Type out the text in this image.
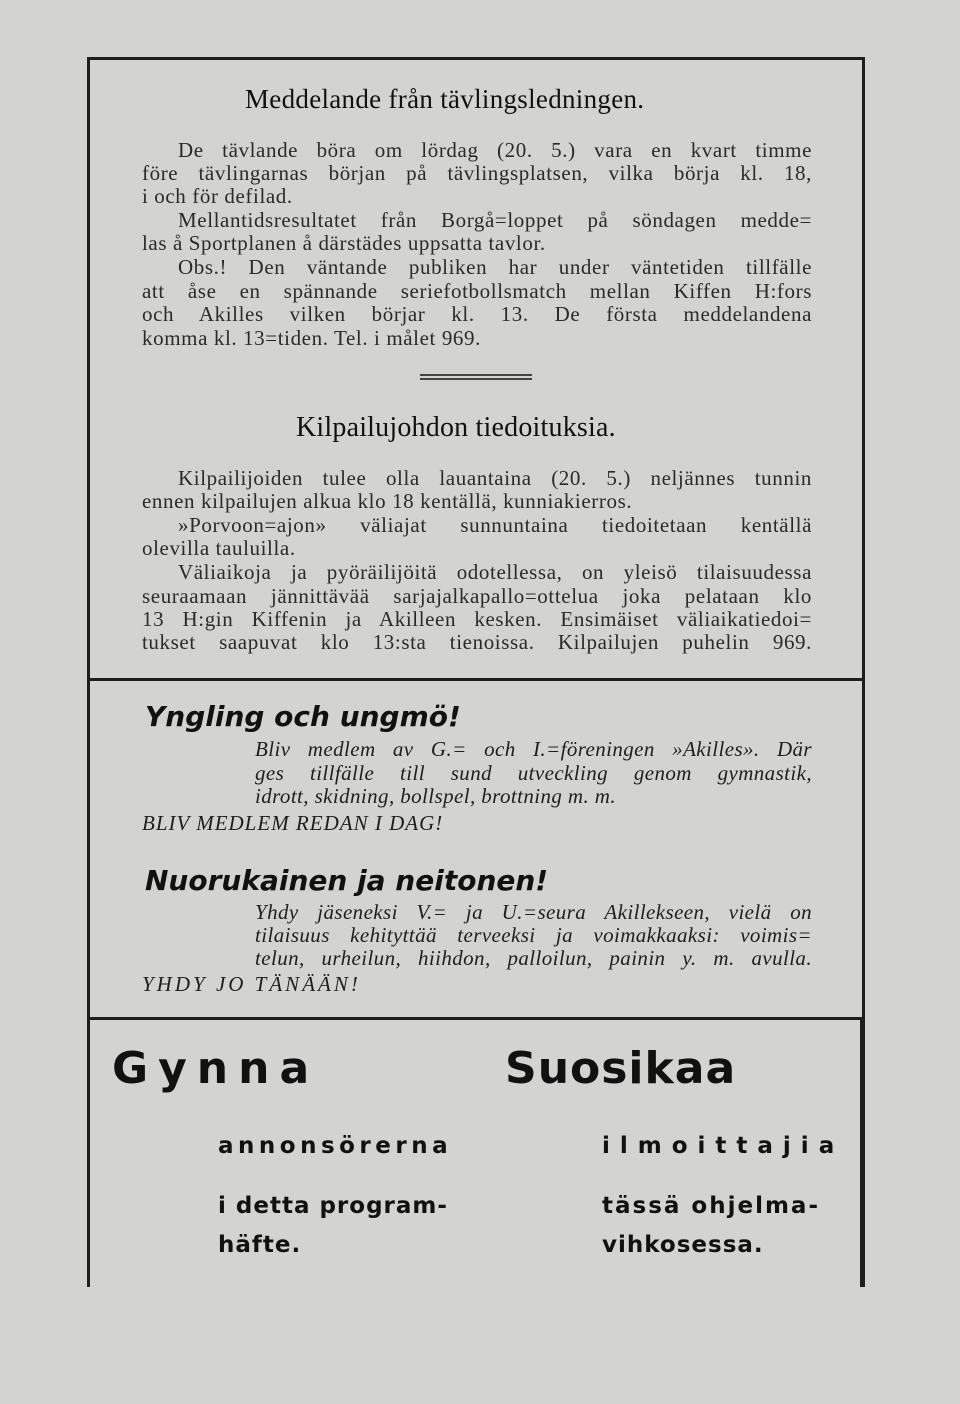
Meddelande från tävlingsledningen.
De tävlande böra om lördag (20. 5.) vara en kvart timme
före tävlingarnas början på tävlingsplatsen, vilka börja kl. 18,
i och för defilad.
Mellantidsresultatet från Borgå=loppet på söndagen medde=
las å Sportplanen å därstädes uppsatta tavlor.
Obs.! Den väntande publiken har under väntetiden tillfälle
att åse en spännande seriefotbollsmatch mellan Kiffen H:fors
och Akilles vilken börjar kl. 13. De första meddelandena
komma kl. 13=tiden. Tel. i målet 969.
Kilpailujohdon tiedoituksia.
Kilpailijoiden tulee olla lauantaina (20. 5.) neljännes tunnin
ennen kilpailujen alkua klo 18 kentällä, kunniakierros.
»Porvoon=ajon» väliajat sunnuntaina tiedoitetaan kentällä
olevilla tauluilla.
Väliaikoja ja pyöräilijöitä odotellessa, on yleisö tilaisuudessa
seuraamaan jännittävää sarjajalkapallo=otteluа joka pelataan klo
13 H:gin Kiffenin ja Akilleen kesken. Ensimäiset väliaikatiedoi=
tukset saapuvat klo 13:sta tienoissa. Kilpailujen puhelin 969.
Yngling och ungmö!
Bliv medlem av G.= och I.=föreningen »Akilles». Där
ges tillfälle till sund utveckling genom gymnastik,
idrott, skidning, bollspel, brottning m. m.
BLIV MEDLEM REDAN I DAG!
Nuorukainen ja neitonen!
Yhdy jäseneksi V.= ja U.=seura Akillekseen, vielä on
tilaisuus kehityttää terveeksi ja voimakkaaksi: voimis=
telun, urheilun, hiihdon, palloilun, painin y. m. avulla.
YHDY JO TÄNÄÄN!
Gynna
annonsörerna
i detta program-
häfte.
Suosikaa
ilmoittajia
tässä ohjelma-
vihkosessa.
